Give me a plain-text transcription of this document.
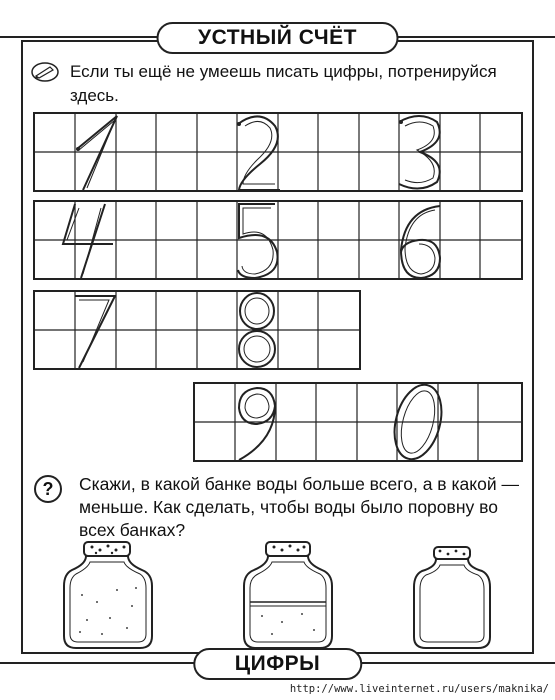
УСТНЫЙ СЧЁТ
Если ты ещё не умеешь писать цифры, потренируйся здесь.
?	Скажи, в какой банке воды больше всего, а в какой — меньше. Как сделать, чтобы воды было поровну во всех банках?
ЦИФРЫ
http://www.liveinternet.ru/users/maknika/
